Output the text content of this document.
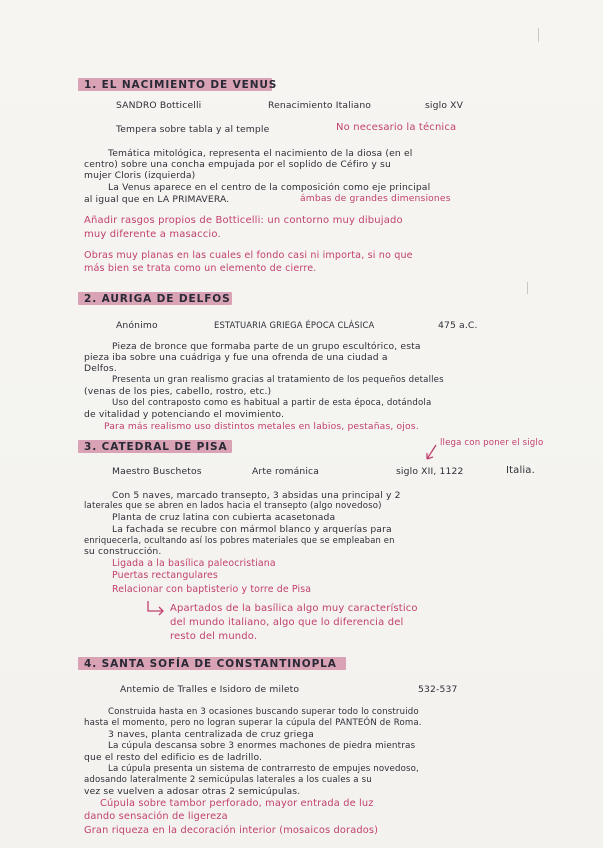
1. EL NACIMIENTO DE VENUS
SANDRO Botticelli	Renacimiento Italiano	siglo XV
Tempera sobre tabla y al temple	No necesario la técnica
Temática mitológica, representa el nacimiento de la diosa (en el
centro) sobre una concha empujada por el soplido de Céfiro y su
mujer Cloris (izquierda)
La Venus aparece en el centro de la composición como eje principal
al igual que en LA PRIMAVERA.	ámbas de grandes dimensiones
Añadir rasgos propios de Botticelli: un contorno muy dibujado
muy diferente a masaccio.
Obras muy planas en las cuales el fondo casi ni importa, si no que
más bien se trata como un elemento de cierre.
2. AURIGA DE DELFOS
Anónimo	ESTATUARIA GRIEGA ÉPOCA CLÁSICA	475 a.C.
Pieza de bronce que formaba parte de un grupo escultórico, esta
pieza iba sobre una cuádriga y fue una ofrenda de una ciudad a
Delfos.
Presenta un gran realismo gracias al tratamiento de los pequeños detalles
(venas de los pies, cabello, rostro, etc.)
Uso del contraposto como es habitual a partir de esta época, dotándola
de vitalidad y potenciando el movimiento.
Para más realismo uso distintos metales en labios, pestañas, ojos.
3. CATEDRAL DE PISA	llega con poner el siglo
Maestro Buschetos	Arte románica	siglo XII, 1122	Italia.
Con 5 naves, marcado transepto, 3 absidas una principal y 2
laterales que se abren en lados hacia el transepto (algo novedoso)
Planta de cruz latina con cubierta acasetonada
La fachada se recubre con mármol blanco y arquerías para
enriquecerla, ocultando así los pobres materiales que se empleaban en
su construcción.
Ligada a la basílica paleocristiana
Puertas rectangulares
Relacionar con baptisterio y torre de Pisa
Apartados de la basílica algo muy característico
del mundo italiano, algo que lo diferencia del
resto del mundo.
4. SANTA SOFÍA DE CONSTANTINOPLA
Antemio de Tralles e Isidoro de mileto	532-537
Construida hasta en 3 ocasiones buscando superar todo lo construido
hasta el momento, pero no logran superar la cúpula del PANTEÓN de Roma.
3 naves, planta centralizada de cruz griega
La cúpula descansa sobre 3 enormes machones de piedra mientras
que el resto del edificio es de ladrillo.
La cúpula presenta un sistema de contrarresto de empujes novedoso,
adosando lateralmente 2 semicúpulas laterales a los cuales a su
vez se vuelven a adosar otras 2 semicúpulas.
Cúpula sobre tambor perforado, mayor entrada de luz
dando sensación de ligereza
Gran riqueza en la decoración interior (mosaicos dorados)
